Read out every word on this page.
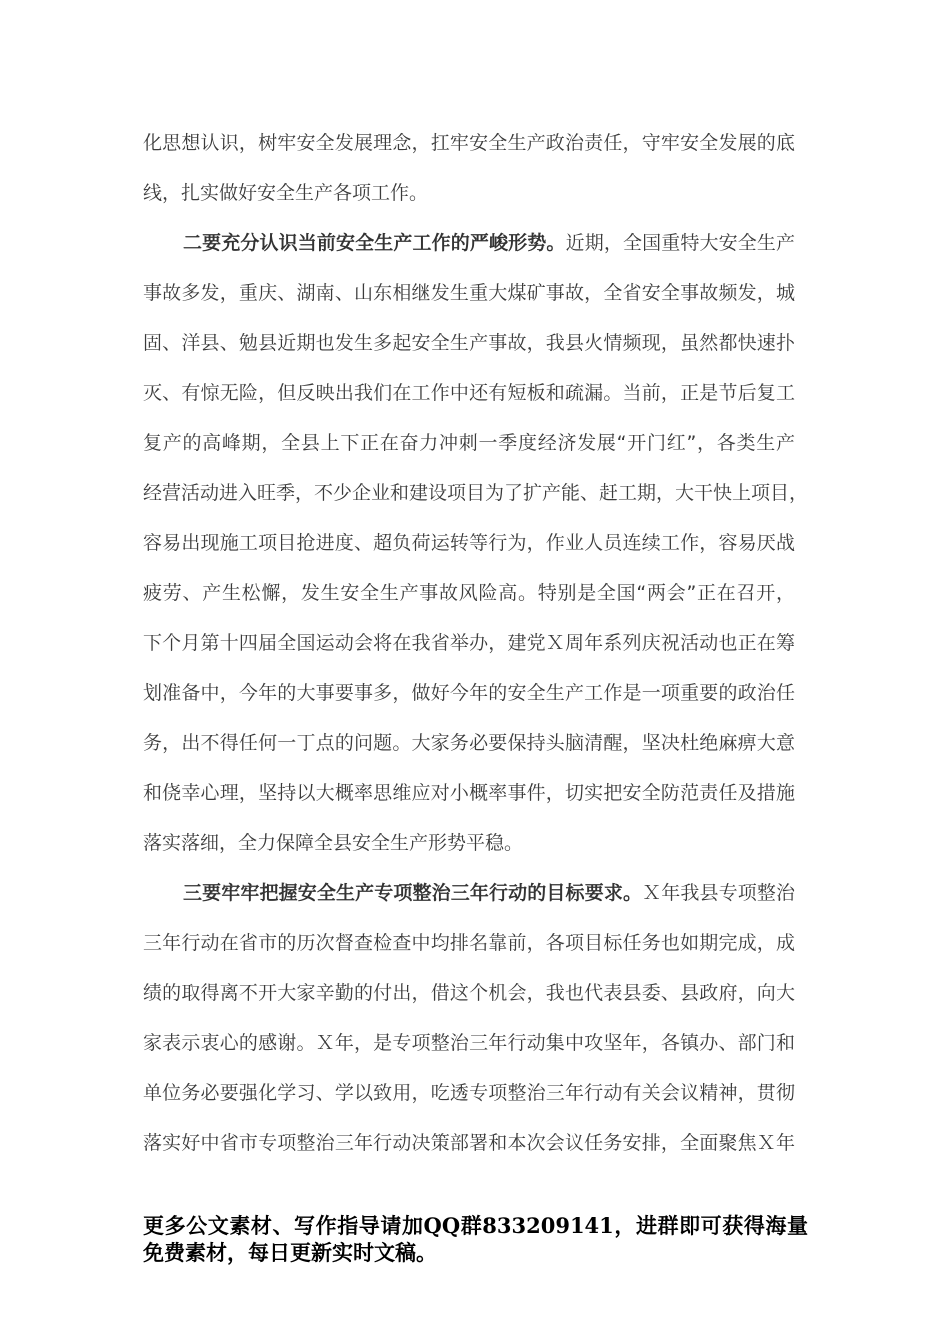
化思想认识，树牢安全发展理念，扛牢安全生产政治责任，守牢安全发展的底
线，扎实做好安全生产各项工作。
二要充分认识当前安全生产工作的严峻形势。近期，全国重特大安全生产
事故多发，重庆、湖南、山东相继发生重大煤矿事故，全省安全事故频发，城
固、洋县、勉县近期也发生多起安全生产事故，我县火情频现，虽然都快速扑
灭、有惊无险，但反映出我们在工作中还有短板和疏漏。当前，正是节后复工
复产的高峰期，全县上下正在奋力冲刺一季度经济发展“开门红”，各类生产
经营活动进入旺季，不少企业和建设项目为了扩产能、赶工期，大干快上项目，
容易出现施工项目抢进度、超负荷运转等行为，作业人员连续工作，容易厌战
疲劳、产生松懈，发生安全生产事故风险高。特别是全国“两会”正在召开，
下个月第十四届全国运动会将在我省举办，建党Ｘ周年系列庆祝活动也正在筹
划准备中，今年的大事要事多，做好今年的安全生产工作是一项重要的政治任
务，出不得任何一丁点的问题。大家务必要保持头脑清醒，坚决杜绝麻痹大意
和侥幸心理，坚持以大概率思维应对小概率事件，切实把安全防范责任及措施
落实落细，全力保障全县安全生产形势平稳。
三要牢牢把握安全生产专项整治三年行动的目标要求。Ｘ年我县专项整治
三年行动在省市的历次督查检查中均排名靠前，各项目标任务也如期完成，成
绩的取得离不开大家辛勤的付出，借这个机会，我也代表县委、县政府，向大
家表示衷心的感谢。Ｘ年，是专项整治三年行动集中攻坚年，各镇办、部门和
单位务必要强化学习、学以致用，吃透专项整治三年行动有关会议精神，贯彻
落实好中省市专项整治三年行动决策部署和本次会议任务安排，全面聚焦Ｘ年
更多公文素材、写作指导请加QQ群833209141，进群即可获得海量
免费素材，每日更新实时文稿。
